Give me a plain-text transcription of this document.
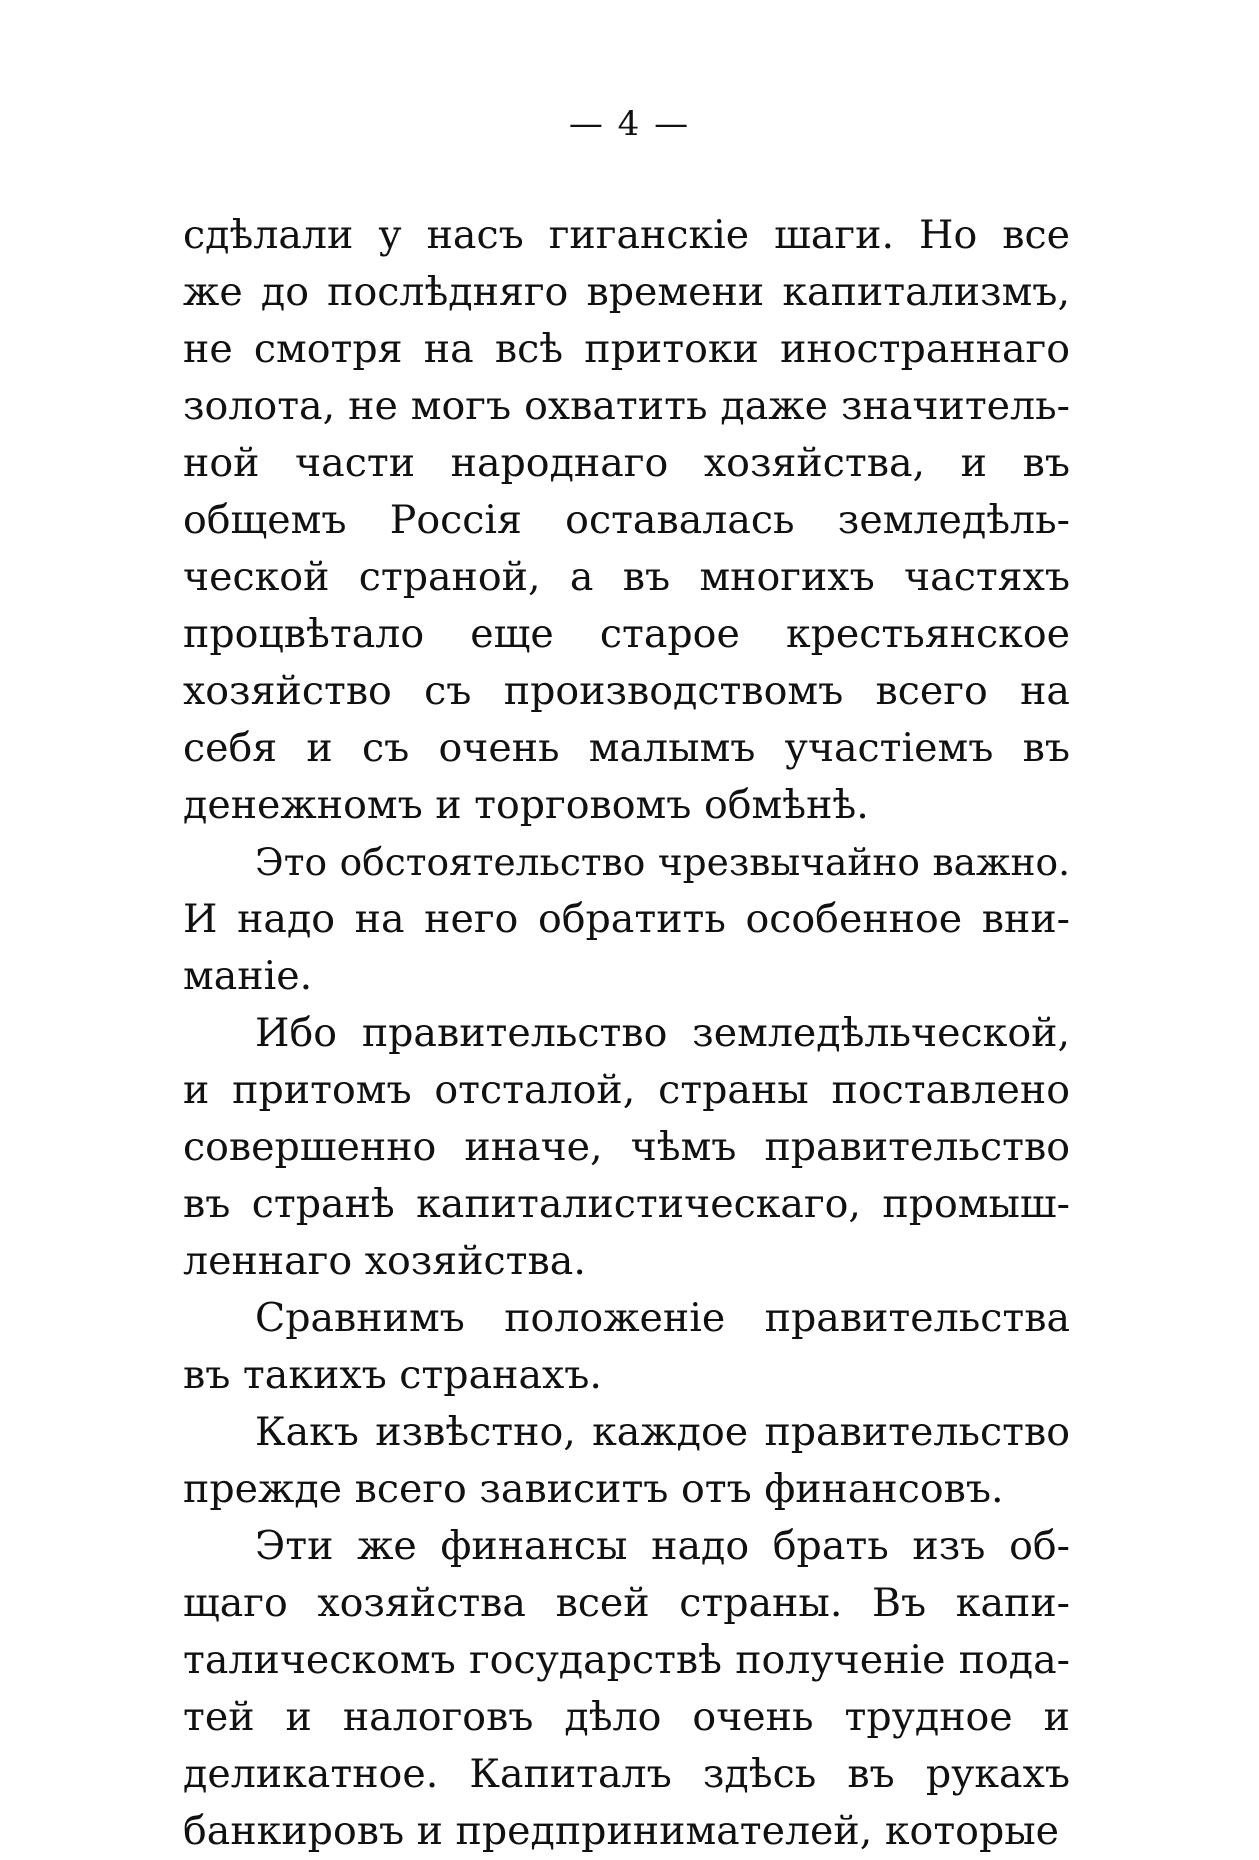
— 4 —
сдѣлали у насъ гиганскіе шаги. Но все
же до послѣдняго времени капитализмъ,
не смотря на всѣ притоки иностраннаго
золота, не могъ охватить даже значитель-
ной части народнаго хозяйства, и въ
общемъ Россія оставалась земледѣль-
ческой страной, а въ многихъ частяхъ
процвѣтало еще старое крестьянское
хозяйство съ производствомъ всего на
себя и съ очень малымъ участіемъ въ
денежномъ и торговомъ обмѣнѣ.
Это обстоятельство чрезвычайно важно.
И надо на него обратить особенное вни-
маніе.
Ибо правительство земледѣльческой,
и притомъ отсталой, страны поставлено
совершенно иначе, чѣмъ правительство
въ странѣ капиталистическаго, промыш-
леннаго хозяйства.
Сравнимъ положеніе правительства
въ такихъ странахъ.
Какъ извѣстно, каждое правительство
прежде всего зависитъ отъ финансовъ.
Эти же финансы надо брать изъ об-
щаго хозяйства всей страны. Въ капи-
талическомъ государствѣ полученіе пода-
тей и налоговъ дѣло очень трудное и
деликатное. Капиталъ здѣсь въ рукахъ
банкировъ и предпринимателей, которые
